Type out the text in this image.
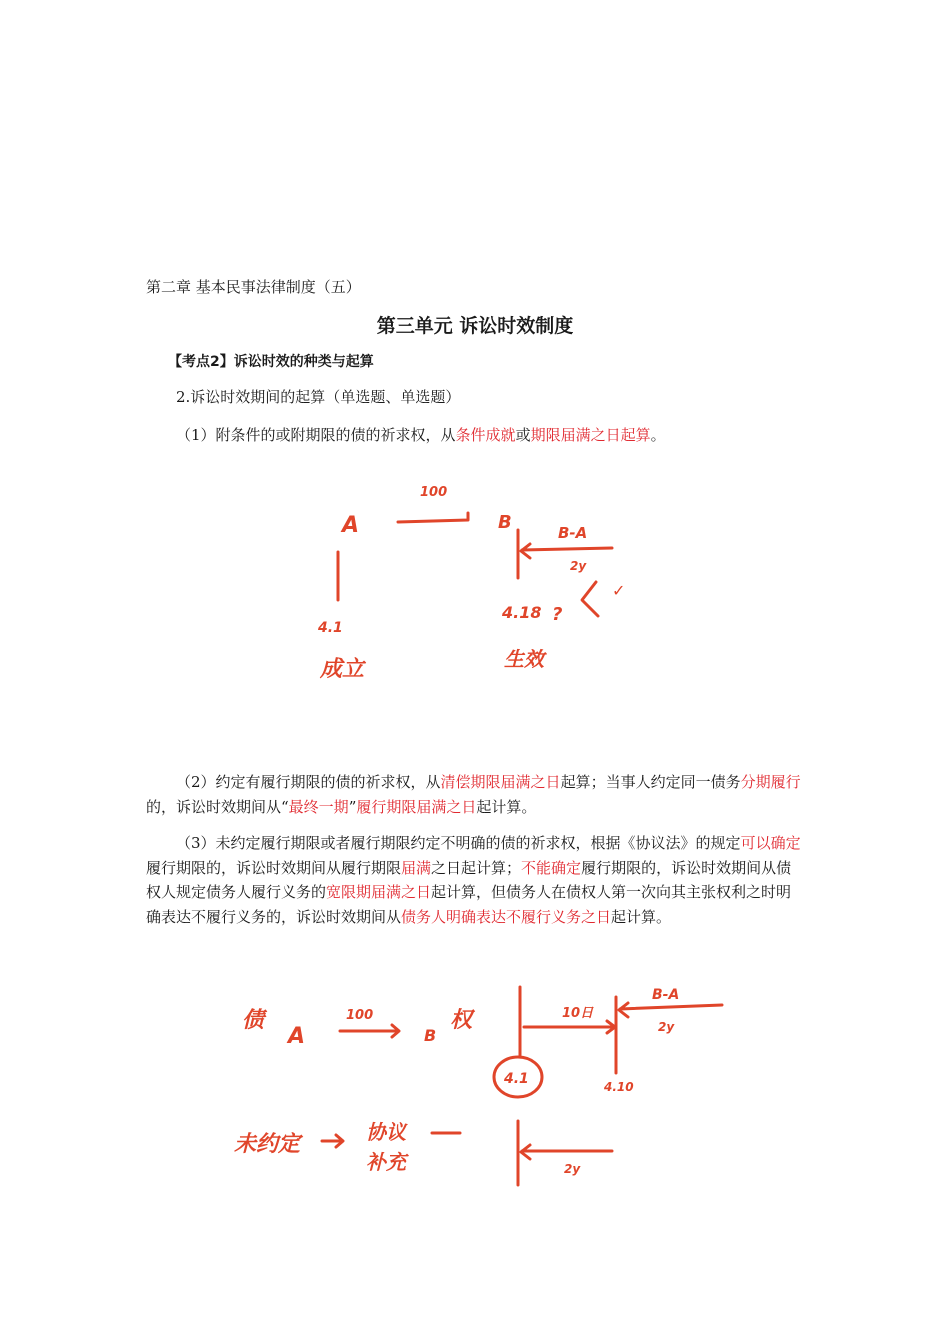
第二章 基本民事法律制度（五）
第三单元 诉讼时效制度
【考点2】诉讼时效的种类与起算

2.诉讼时效期间的起算（单选题、单选题）

（1）附条件的或附期限的债的祈求权，从条件成就或期限届满之日起算。

A
100
B	B-A
2y
4.1
4.18 ?
✓
成立	生效

（2）约定有履行期限的债的祈求权，从清偿期限届满之日起算；当事人约定同一债务分期履行的，诉讼时效期间从“最终一期”履行期限届满之日起计算。

（3）未约定履行期限或者履行期限约定不明确的债的祈求权，根据《协议法》的规定可以确定履行期限的，诉讼时效期间从履行期限届满之日起计算；不能确定履行期限的，诉讼时效期间从债权人规定债务人履行义务的宽限期届满之日起计算，但债务人在债权人第一次向其主张权利之时明确表达不履行义务的，诉讼时效期间从债务人明确表达不履行义务之日起计算。

债
A
100
B
权	10日
B-A
2y
4.1	4.10
未约定	协议
补充	2y
